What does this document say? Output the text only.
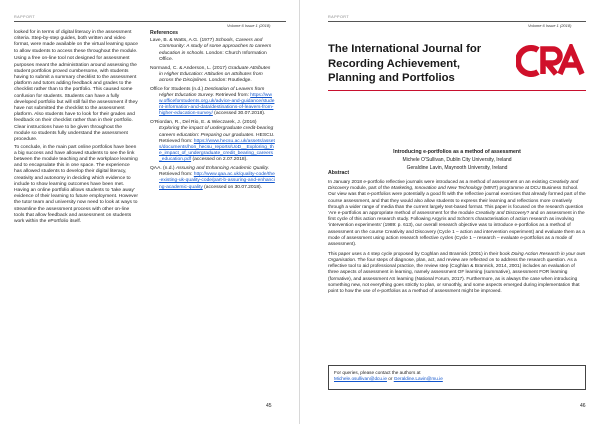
RAPPORT
Volume 6 Issue 1 (2018)

looked for in terms of digital literacy in the assessment criteria. Step-by-step guides, both written and video format, were made available on the virtual learning space to allow students to access these throughout the module.

Using a free on-line tool not designed for assessment purposes meant the administration around assessing the student portfolios proved cumbersome, with students having to submit a summary checklist to the assessment platform and tutors adding feedback and grades to the checklist rather than to the portfolio. This caused some confusion for students. Students can have a fully developed portfolio but will still fail the assessment if they have not submitted the checklist to the assessment platform. Also students have to look for their grades and feedback on their checklist rather than in their portfolio. Clear instructions have to be given throughout the module so students fully understand the assessment procedure.

To conclude, in the main part online portfolios have been a big success and have allowed students to see the link between the module teaching and the workplace learning and to encapsulate this in one space. The experience has allowed students to develop their digital literacy, creativity and autonomy in deciding which evidence to include to show learning outcomes have been met. Having an online portfolio allows students to ‘take away’ evidence of their learning to future employment. However the tutor team and university now need to look at ways to streamline the assessment process with other on-line tools that allow feedback and assessment on students work within the ePortfolio itself.

References
Lave, B. & Watts, A.G. (1977) Schools, Careers and Community: A study of some approaches to careers education in schools. London: Church Information Office.
Normand, C. & Anderson, L. (2017) Graduate Attributes in Higher Education: Attitudes on attributes from across the Disciplines. London: Routledge.
Office for Students (n.d.) Destination of Leavers from Higher Education Survey. Retrieved from: https://www.officeforstudents.org.uk/advice-and-guidance/student-information-and-data/destinations-of-leavers-from-higher-education-survey/ (accessed 30.07.2018).
O’Riordan, R., Del Rio, E. & Wieczarek, J. (2016) Exploring the impact of undergraduate credit-bearing careers education: Preparing our graduates. HESCU. Retrieved from: https://www.hecsu.ac.uk/assets/assets/documents/hon_hecsu_reports/UoD__Exploring_the_impact_of_undergraduate_credit_bearing_careers_education.pdf (accessed on 2.07.2018).
QAA. (n.d.) Assuring and Enhancing Academic Quality. Retrieved from: http://www.qaa.ac.uk/quality-code/the-existing-uk-quality-code/part-b-assuring-and-enhancing-academic-quality (accessed on 30.07.2018).
45
RAPPORT
Volume 6 Issue 1 (2018)
The International Journal for Recording Achievement, Planning and Portfolios
Introducing e-portfolios as a method of assessment
Michele O’Sullivan, Dublin City University, Ireland
Geraldine Lavin, Maynooth University, Ireland
Abstract

In January 2018 e-portfolio reflective journals were introduced as a method of assessment on an existing Creativity and Discovery module, part of the Marketing, Innovation and New Technology (MINT) programme at DCU Business School. Our view was that e-portfolios were potentially a good fit with the reflective journal exercises that already formed part of the course assessment, and that they would also allow students to express their learning and reflections more creatively through a wider range of media than the current largely text-based format. This paper is focused on the research question ‘Are e-portfolios an appropriate method of assessment for the module Creativity and Discovery? and on assessment in the first cycle of this action research study. Following Argyris and Schön’s characterisation of action research as involving ‘intervention experiments’ (1989: p. 613), our overall research objective was to introduce e-portfolios as a method of assessment on the course Creativity and Discovery (Cycle 1 – action and intervention experiment) and evaluate them as a mode of assessment using action research reflective cycles (Cycle 1 – research – evaluate e-portfolios as a mode of assessment).

This paper uses a 4 step cycle proposed by Coghlan and Brannick (2001) in their book Doing Action Research in your own Organisation. The four steps of diagnose, plan, act, and review are reflected on to address the research question. As a reflective tool to aid professional practice, the review step (Coghlan & Brannick, 2014, 2001) includes an evaluation of three aspects of assessment in learning, namely assessment OF learning (summative), assessment FOR learning (formative), and assessment AS learning (National Forum, 2017). Furthermore, as is always the case when introducing something new, not everything goes strictly to plan, or smoothly, and some aspects emerged during implementation that point to how the use of e-portfolios as a method of assessment might be improved.

For queries, please contact the authors at
Michele.osullivan@dcu.ie or Geraldine.Lavin@mu.ie
46
